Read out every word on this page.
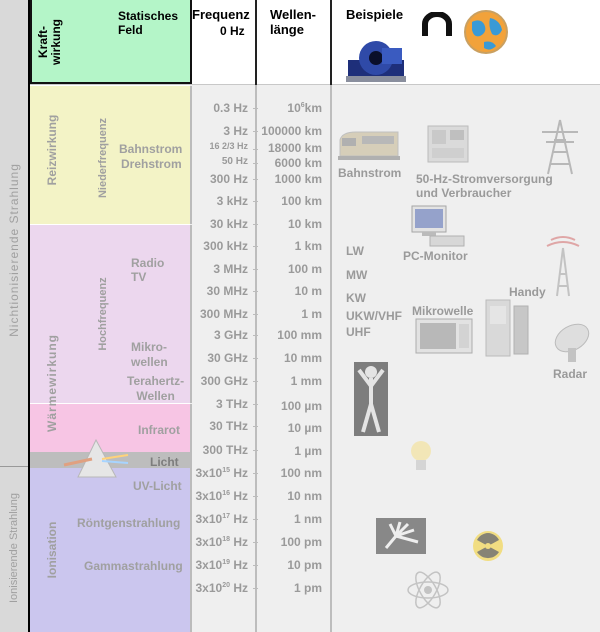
Kraft-
wirkung
Statisches
Feld
Frequenz
0 Hz
Wellen-
länge
Beispiele
Nichtionisierende Strahlung
Ionisierende Strahlung
Reizwirkung
Wärmewirkung
Ionisation
Niederfrequenz
Hochfrequenz
Bahnstrom
Drehstrom
Radio
TV
Mikro-
wellen
Terahertz-
Wellen
Infrarot
Licht
UV-Licht
Röntgenstrahlung
Gammastrahlung
0.3 Hz
3 Hz
16 2/3 Hz
50 Hz
300 Hz
3 kHz
30 kHz
300 kHz
3 MHz
30 MHz
300 MHz
3 GHz
30 GHz
300 GHz
3 THz
30 THz
300 THz
$3x10^{15}$ Hz
$3x10^{16}$ Hz
$3x10^{17}$ Hz
$3x10^{18}$ Hz
$3x10^{19}$ Hz
$3x10^{20}$ Hz
$10^6km$
100000 km
18000 km
6000 km
1000 km
100 km
10 km
1 km
100 m
10 m
1 m
100 mm
10 mm
1 mm
100 µm
10 µm
1 µm
100 nm
10 nm
1 nm
100 pm
10 pm
1 pm
Bahnstrom 50-Hz-Stromversorgung
und Verbraucher
PC-Monitor
LW
MW
KW
UKW/VHF
UHF
Handy
Mikrowelle
Radar
